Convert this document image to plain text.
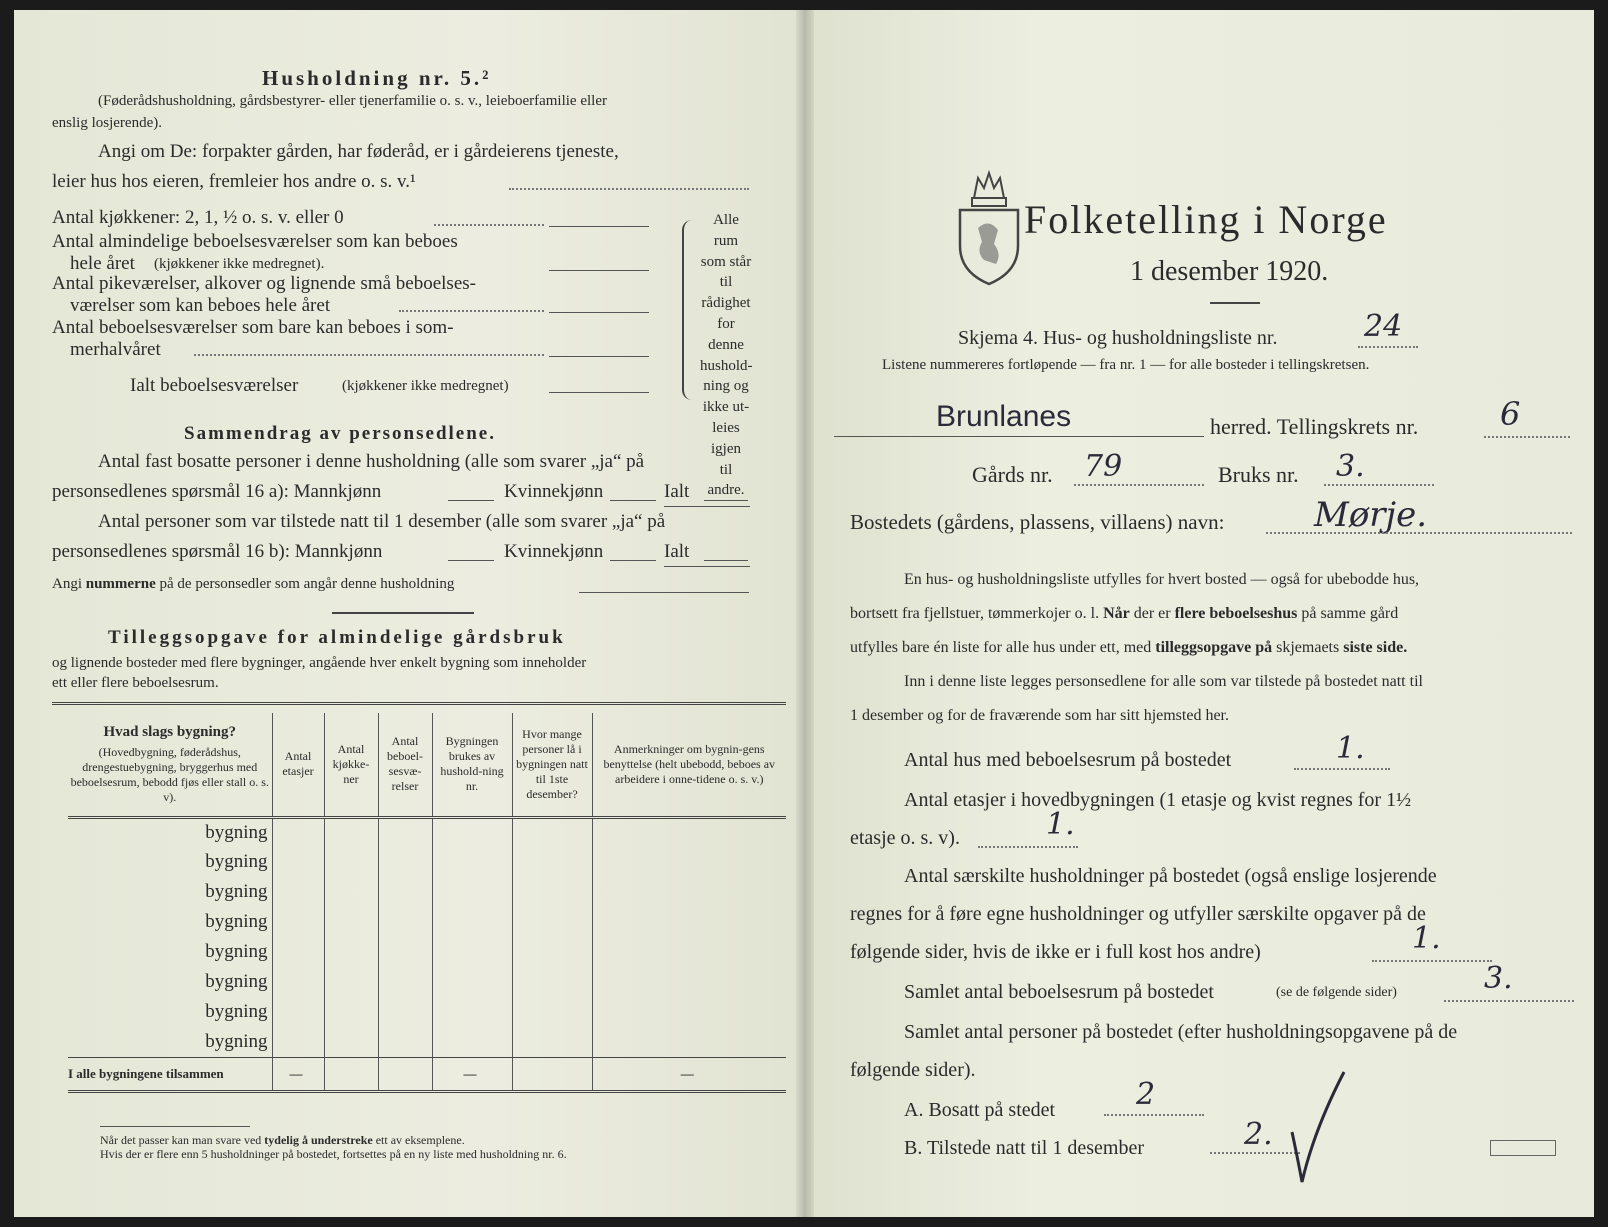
Husholdning nr. 5.²
(Føderådshusholdning, gårdsbestyrer- eller tjenerfamilie o. s. v., leieboerfamilie eller
enslig losjerende).
Angi om De: forpakter gården, har føderåd, er i gårdeierens tjeneste,
leier hus hos eieren, fremleier hos andre o. s. v.¹
Antal kjøkkener: 2, 1, ½ o. s. v. eller 0
Antal almindelige beboelsesværelser som kan beboes
hele året (kjøkkener ikke medregnet).
Antal pikeværelser, alkover og lignende små beboelses-
værelser som kan beboes hele året
Antal beboelsesværelser som bare kan beboes i som-
merhalvåret
Ialt beboelsesværelser	(kjøkkener ikke medregnet)
Alle rum
som står til
rådighet
for denne
hushold-
ning og
ikke ut-
leies igjen
til andre.
Sammendrag av personsedlene.
Antal fast bosatte personer i denne husholdning (alle som svarer „ja“ på
personsedlenes spørsmål 16 a): Mannkjønn	Kvinnekjønn	Ialt
Antal personer som var tilstede natt til 1 desember (alle som svarer „ja“ på
personsedlenes spørsmål 16 b): Mannkjønn	Kvinnekjønn	Ialt
Angi nummerne på de personsedler som angår denne husholdning
Tilleggsopgave for almindelige gårdsbruk
og lignende bosteder med flere bygninger, angående hver enkelt bygning som inneholder
ett eller flere beboelsesrum.
Hvad slags bygning?
(Hovedbygning, føderådshus, drengestuebygning, bryggerhus med beboelsesrum, bebodd fjøs eller stall o. s. v).	Antal etasjer	Antal kjøkke-ner	Antal beboel-sesvæ-relser	Bygningen brukes av hushold-ning nr.	Hvor mange personer lå i bygningen natt til 1ste desember?	Anmerkninger om bygnin-gens benyttelse (helt ubebodd, beboes av arbeidere i onne-tidene o. s. v.)
bygning						
bygning						
bygning						
bygning						
bygning						
bygning						
bygning						
bygning						
I alle bygningene tilsammen	—			—		—
Når det passer kan man svare ved tydelig å understreke ett av eksemplene.
Hvis der er flere enn 5 husholdninger på bostedet, fortsettes på en ny liste med husholdning nr. 6.
Folketelling i Norge
1 desember 1920.
Skjema 4. Hus- og husholdningsliste nr.	24
Listene nummereres fortløpende — fra nr. 1 — for alle bosteder i tellingskretsen.
Brunlanes	herred. Tellingskrets nr.	6
Gårds nr. 79	Bruks nr. 3.
Bostedets (gårdens, plassens, villaens) navn:	Mørje.
En hus- og husholdningsliste utfylles for hvert bosted — også for ubebodde hus,
bortsett fra fjellstuer, tømmerkojer o. l. Når der er flere beboelseshus på samme gård
utfylles bare én liste for alle hus under ett, med tilleggsopgave på skjemaets siste side.
Inn i denne liste legges personsedlene for alle som var tilstede på bostedet natt til
1 desember og for de fraværende som har sitt hjemsted her.
Antal hus med beboelsesrum på bostedet	1.
Antal etasjer i hovedbygningen (1 etasje og kvist regnes for 1½
etasje o. s. v).	1.
Antal særskilte husholdninger på bostedet (også enslige losjerende
regnes for å føre egne husholdninger og utfyller særskilte opgaver på de
følgende sider, hvis de ikke er i full kost hos andre)	1.
Samlet antal beboelsesrum på bostedet	(se de følgende sider)	3.
Samlet antal personer på bostedet (efter husholdningsopgavene på de
følgende sider).
A. Bosatt på stedet	2
B. Tilstede natt til 1 desember	2.
